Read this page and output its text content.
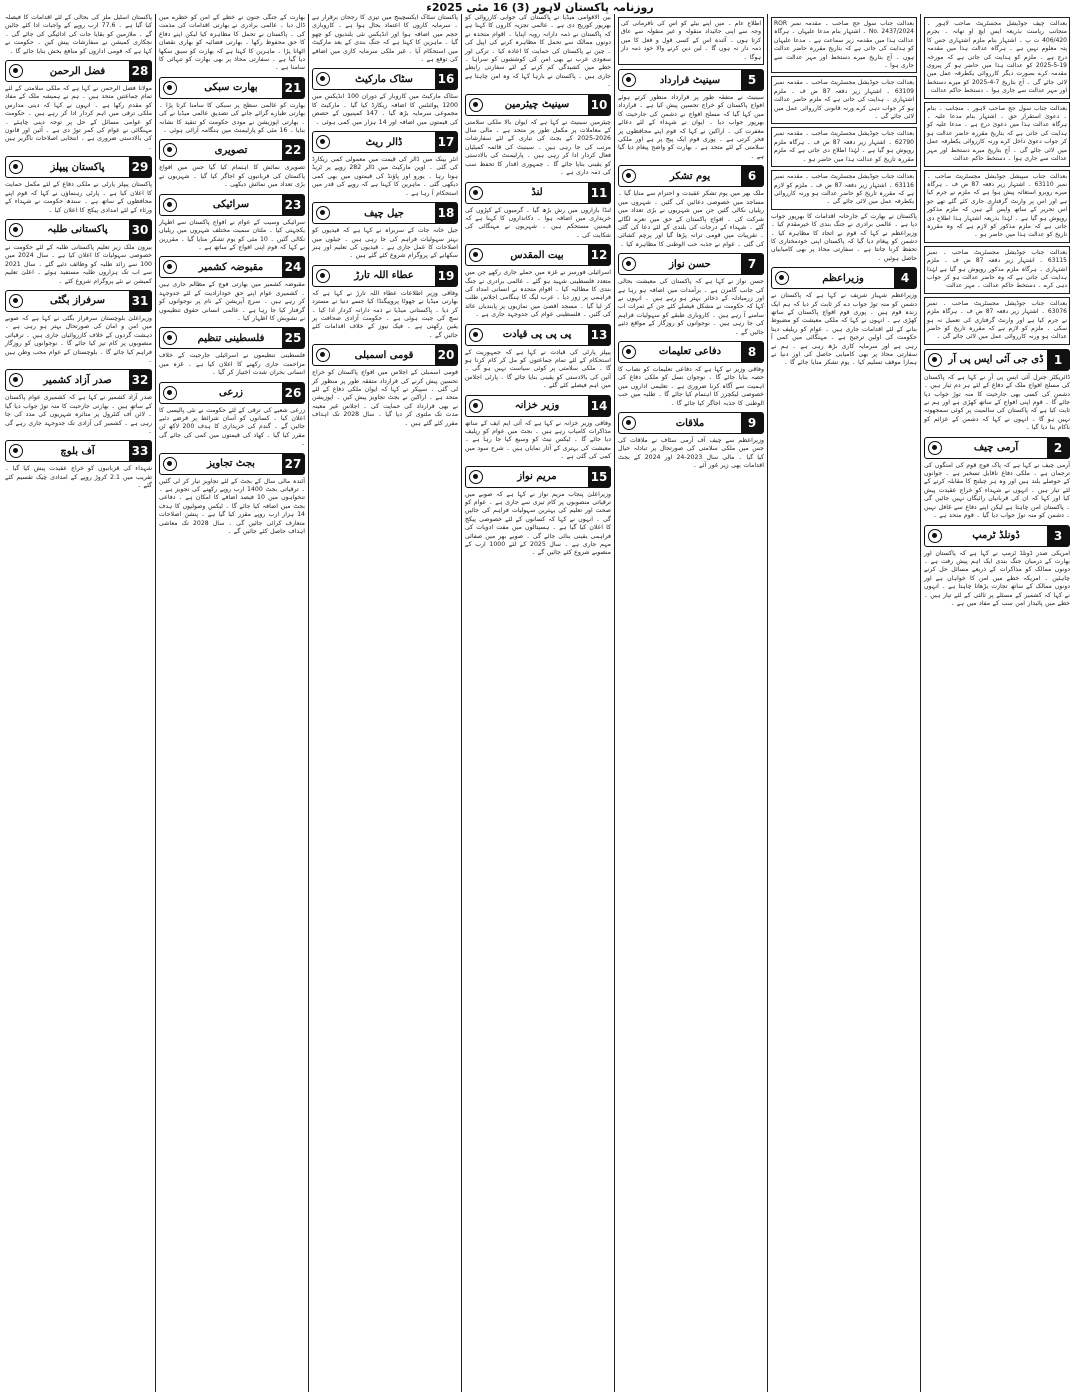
روزنامہ پاکستان لاہور (3) 16 مئی 2025ء

بعدالت چیف جوڈیشل مجسٹریٹ صاحب لاہور ۔ منجانب ریاست بذریعہ ایس ایچ او تھانہ ۔ بجرم 406/420 ت پ ۔ اشتہار بنام ملزم اشتہاری جس کا پتہ معلوم نہیں ہے ۔ ہرگاہ عدالت ہذا میں مقدمہ درج ہے ۔ ملزم کو ہدایت کی جاتی ہے کہ مورخہ 19-5-2025 کو عدالت ہذا میں حاضر ہو کر پیروی مقدمہ کرے بصورت دیگر کارروائی یکطرفہ عمل میں لائی جائے گی ۔ آج بتاریخ 7-4-2025 کو میرے دستخط اور مہر عدالت سے جاری ہوا ۔ دستخط حاکم عدالت

بعدالت جناب سول جج صاحب لاہور ۔ منجانب ۔ بنام ۔ دعویٰ استقرار حق ۔ اشتہار بنام مدعا علیہ ۔ ہرگاہ عدالت ہذا میں دعویٰ درج ہے ۔ مدعا علیہ کو ہدایت کی جاتی ہے کہ بتاریخ مقررہ حاضر عدالت ہو کر جواب دعویٰ داخل کرے ورنہ کارروائی یکطرفہ عمل میں لائی جائے گی ۔ آج بتاریخ میرے دستخط اور مہر عدالت سے جاری ہوا ۔ دستخط حاکم عدالت

بعدالت جناب سپیشل جوڈیشل مجسٹریٹ صاحب ۔ نمبر 63110 ۔ اشتہار زیر دفعہ 87 ض ف ۔ ہرگاہ میرے روبرو استغاثہ پیش ہوا ہے کہ ملزم نے جرم کیا ہے اور اس پر وارنٹ گرفتاری جاری کئے گئے تھے جو اس تحریر کے ساتھ واپس آئے ہیں کہ ملزم مذکور روپوش ہو گیا ہے ۔ لہٰذا بذریعہ اشتہار ہذا اطلاع دی جاتی ہے کہ ملزم مذکور کو لازم ہے کہ وہ مقررہ تاریخ کو عدالت ہذا میں حاضر ہو ۔

بعدالت جناب جوڈیشل مجسٹریٹ صاحب ۔ نمبر 63115 ۔ اشتہار زیر دفعہ 87 ض ف ۔ ملزم اشتہاری ۔ ہرگاہ ملزم مذکور روپوش ہو گیا ہے لہٰذا ہدایت کی جاتی ہے کہ وہ حاضر عدالت ہو کر جواب دہی کرے ۔ دستخط حاکم عدالت ۔ مہر عدالت

بعدالت جناب جوڈیشل مجسٹریٹ صاحب ۔ نمبر 63076 ۔ اشتہار زیر دفعہ 87 ض ف ۔ ہرگاہ ملزم نے جرم کیا ہے اور وارنٹ گرفتاری کی تعمیل نہ ہو سکی ۔ ملزم کو لازم ہے کہ مقررہ تاریخ کو حاضر عدالت ہو ورنہ کارروائی عمل میں لائی جائے گی ۔

1
ڈی جی آئی ایس پی آر

ڈائریکٹر جنرل آئی ایس پی آر نے کہا ہے کہ پاکستان کی مسلح افواج ملک کے دفاع کے لئے ہر دم تیار ہیں ۔ دشمن کی کسی بھی جارحیت کا منہ توڑ جواب دیا جائے گا ۔ قوم اپنی افواج کے ساتھ کھڑی ہے اور ہم نے ثابت کیا ہے کہ پاکستان کی سالمیت پر کوئی سمجھوتہ نہیں ہو گا ۔ انہوں نے کہا کہ دشمن کے عزائم کو ناکام بنا دیا گیا ۔

2
آرمی چیف

آرمی چیف نے کہا ہے کہ پاک فوج قوم کی امنگوں کی ترجمان ہے ۔ ملکی دفاع ناقابل تسخیر ہے ۔ جوانوں کے حوصلے بلند ہیں اور وہ ہر چیلنج کا مقابلہ کرنے کے لئے تیار ہیں ۔ انہوں نے شہداء کو خراج عقیدت پیش کیا اور کہا کہ ان کی قربانیاں رائیگاں نہیں جائیں گی ۔ پاکستان امن چاہتا ہے لیکن اپنے دفاع سے غافل نہیں ۔ دشمن کو منہ توڑ جواب دیا گیا ۔ قوم متحد ہے ۔

3
ڈونلڈ ٹرمپ

امریکی صدر ڈونلڈ ٹرمپ نے کہا ہے کہ پاکستان اور بھارت کے درمیان جنگ بندی ایک اہم پیش رفت ہے ۔ دونوں ممالک کو مذاکرات کے ذریعے مسائل حل کرنے چاہئیں ۔ امریکہ خطے میں امن کا خواہاں ہے اور دونوں ممالک کے ساتھ تجارت بڑھانا چاہتا ہے ۔ انہوں نے کہا کہ کشمیر کے مسئلے پر ثالثی کے لئے تیار ہیں ۔ خطے میں پائیدار امن سب کے مفاد میں ہے ۔

بعدالت جناب سول جج صاحب ۔ مقدمہ نمبر ROR No. 2437/2024 ۔ اشتہار بنام مدعا علیہان ۔ ہرگاہ عدالت ہذا میں مقدمہ زیر سماعت ہے ۔ مدعا علیہان کو ہدایت کی جاتی ہے کہ بتاریخ مقررہ حاضر عدالت ہوں ۔ آج بتاریخ میرے دستخط اور مہر عدالت سے جاری ہوا ۔

بعدالت جناب جوڈیشل مجسٹریٹ صاحب ۔ مقدمہ نمبر 63109 ۔ اشتہار زیر دفعہ 87 ض ف ۔ ملزم اشتہاری ۔ ہدایت کی جاتی ہے کہ ملزم حاضر عدالت ہو کر جواب دہی کرے ورنہ قانونی کارروائی عمل میں لائی جائے گی ۔

بعدالت جناب جوڈیشل مجسٹریٹ صاحب ۔ مقدمہ نمبر 62790 ۔ اشتہار زیر دفعہ 87 ض ف ۔ ہرگاہ ملزم روپوش ہو گیا ہے ۔ لہٰذا اطلاع دی جاتی ہے کہ ملزم مقررہ تاریخ کو عدالت ہذا میں حاضر ہو ۔

بعدالت جناب جوڈیشل مجسٹریٹ صاحب ۔ مقدمہ نمبر 63116 ۔ اشتہار زیر دفعہ 87 ض ف ۔ ملزم کو لازم ہے کہ مقررہ تاریخ کو حاضر عدالت ہو ورنہ کارروائی یکطرفہ عمل میں لائی جائے گی ۔

پاکستان نے بھارت کے جارحانہ اقدامات کا بھرپور جواب دیا ہے ۔ عالمی برادری نے جنگ بندی کا خیرمقدم کیا ۔ وزیراعظم نے کہا کہ قوم نے اتحاد کا مظاہرہ کیا ۔ دشمن کو پیغام دیا گیا کہ پاکستان اپنی خودمختاری کا تحفظ کرنا جانتا ہے ۔ سفارتی محاذ پر بھی کامیابیاں حاصل ہوئیں ۔

4
وزیراعظم

وزیراعظم شہباز شریف نے کہا ہے کہ پاکستان نے دشمن کو منہ توڑ جواب دے کر ثابت کر دیا کہ ہم ایک زندہ قوم ہیں ۔ پوری قوم افواج پاکستان کے ساتھ کھڑی ہے ۔ انہوں نے کہا کہ ملکی معیشت کو مضبوط بنانے کے لئے اقدامات جاری ہیں ۔ عوام کو ریلیف دینا حکومت کی اولین ترجیح ہے ۔ مہنگائی میں کمی آ رہی ہے اور سرمایہ کاری بڑھ رہی ہے ۔ ہم نے سفارتی محاذ پر بھی کامیابی حاصل کی اور دنیا نے ہمارا موقف تسلیم کیا ۔ یوم تشکر منایا جائے گا ۔

اطلاع عام ۔ میں اپنے بیٹے کو اس کی نافرمانی کی وجہ سے اپنی جائیداد منقولہ و غیر منقولہ سے عاق کرتا ہوں ۔ آئندہ اس کے کسی قول و فعل کا میں ذمہ دار نہ ہوں گا ۔ لین دین کرنے والا خود ذمہ دار ہوگا ۔

5
سینیٹ قرارداد

سینیٹ نے متفقہ طور پر قرارداد منظور کرتے ہوئے افواج پاکستان کو خراج تحسین پیش کیا ہے ۔ قرارداد میں کہا گیا کہ مسلح افواج نے دشمن کی جارحیت کا بھرپور جواب دیا ۔ ایوان نے شہداء کے لئے دعائے مغفرت کی ۔ اراکین نے کہا کہ قوم اپنے محافظوں پر فخر کرتی ہے ۔ پوری قوم ایک پیج پر ہے اور ملکی سلامتی کے لئے متحد ہے ۔ بھارت کو واضح پیغام دیا گیا ہے ۔

6
یوم تشکر

ملک بھر میں یوم تشکر عقیدت و احترام سے منایا گیا ۔ مساجد میں خصوصی دعائیں کی گئیں ۔ شہروں میں ریلیاں نکالی گئیں جن میں شہریوں نے بڑی تعداد میں شرکت کی ۔ افواج پاکستان کے حق میں نعرے لگائے گئے ۔ شہداء کے درجات کی بلندی کے لئے دعا کی گئی ۔ تقریبات میں قومی ترانہ پڑھا گیا اور پرچم کشائی کی گئی ۔ عوام نے جذبہ حب الوطنی کا مظاہرہ کیا ۔

7
حسن نواز

حسن نواز نے کہا ہے کہ پاکستان کی معیشت بحالی کی جانب گامزن ہے ۔ برآمدات میں اضافہ ہو رہا ہے اور زرمبادلہ کے ذخائر بہتر ہو رہے ہیں ۔ انہوں نے کہا کہ حکومت نے مشکل فیصلے کئے جن کے ثمرات اب سامنے آ رہے ہیں ۔ کاروباری طبقے کو سہولیات فراہم کی جا رہی ہیں ۔ نوجوانوں کو روزگار کے مواقع دئیے جائیں گے ۔

8
دفاعی تعلیمات

وفاقی وزیر نے کہا ہے کہ دفاعی تعلیمات کو نصاب کا حصہ بنایا جائے گا ۔ نوجوان نسل کو ملکی دفاع کی اہمیت سے آگاہ کرنا ضروری ہے ۔ تعلیمی اداروں میں خصوصی لیکچرز کا اہتمام کیا جائے گا ۔ طلبہ میں حب الوطنی کا جذبہ اجاگر کیا جائے گا ۔

9
ملاقات

وزیراعظم سے چیف آف آرمی سٹاف نے ملاقات کی جس میں ملکی سلامتی کی صورتحال پر تبادلہ خیال کیا گیا ۔ مالی سال 2023-24 اور 2024 کے بجٹ اقدامات بھی زیر غور آئے ۔

بین الاقوامی میڈیا نے پاکستان کی جوابی کارروائی کو بھرپور کوریج دی ہے ۔ عالمی تجزیہ کاروں کا کہنا ہے کہ پاکستان نے ذمہ دارانہ رویہ اپنایا ۔ اقوام متحدہ نے دونوں ممالک سے تحمل کا مظاہرہ کرنے کی اپیل کی ۔ چین نے پاکستان کی حمایت کا اعادہ کیا ۔ ترکی اور سعودی عرب نے بھی امن کی کوششوں کو سراہا ۔ خطے میں کشیدگی کم کرنے کے لئے سفارتی رابطے جاری ہیں ۔ پاکستان نے بارہا کہا کہ وہ امن چاہتا ہے ۔

10
سینیٹ چیئرمین

چیئرمین سینیٹ نے کہا ہے کہ ایوان بالا ملکی سلامتی کے معاملات پر مکمل طور پر متحد ہے ۔ مالی سال 2026-2025 کے بجٹ کی تیاری کے لئے سفارشات مرتب کی جا رہی ہیں ۔ سینیٹ کی قائمہ کمیٹیاں فعال کردار ادا کر رہی ہیں ۔ پارلیمنٹ کی بالادستی کو یقینی بنایا جائے گا ۔ جمہوری اقدار کا تحفظ سب کی ذمہ داری ہے ۔

11
لنڈ

لنڈا بازاروں میں رش بڑھ گیا ۔ گرمیوں کے کپڑوں کی خریداری میں اضافہ ہوا ۔ دکانداروں کا کہنا ہے کہ قیمتیں مستحکم ہیں ۔ شہریوں نے مہنگائی کی شکایت کی ۔

12
بیت المقدس

اسرائیلی فورسز نے غزہ میں حملے جاری رکھے جن میں متعدد فلسطینی شہید ہو گئے ۔ عالمی برادری نے جنگ بندی کا مطالبہ کیا ۔ اقوام متحدہ نے انسانی امداد کی فراہمی پر زور دیا ۔ عرب لیگ کا ہنگامی اجلاس طلب کر لیا گیا ۔ مسجد اقصیٰ میں نمازیوں پر پابندیاں عائد کی گئیں ۔ فلسطینی عوام کی جدوجہد جاری ہے ۔

13
پی پی پی قیادت

پیپلز پارٹی کی قیادت نے کہا ہے کہ جمہوریت کے استحکام کے لئے تمام جماعتوں کو مل کر کام کرنا ہو گا ۔ ملکی سلامتی پر کوئی سیاست نہیں ہو گی ۔ آئین کی بالادستی کو یقینی بنایا جائے گا ۔ پارٹی اجلاس میں اہم فیصلے کئے گئے ۔

14
وزیر خزانہ

وفاقی وزیر خزانہ نے کہا ہے کہ آئی ایم ایف کے ساتھ مذاکرات کامیاب رہے ہیں ۔ بجٹ میں عوام کو ریلیف دیا جائے گا ۔ ٹیکس نیٹ کو وسیع کیا جا رہا ہے ۔ معیشت کی بہتری کے آثار نمایاں ہیں ۔ شرح سود میں کمی کی گئی ہے ۔

15
مریم نواز

وزیراعلیٰ پنجاب مریم نواز نے کہا ہے کہ صوبے میں ترقیاتی منصوبوں پر کام تیزی سے جاری ہے ۔ عوام کو صحت اور تعلیم کی بہترین سہولیات فراہم کی جائیں گی ۔ انہوں نے کہا کہ کسانوں کے لئے خصوصی پیکج کا اعلان کیا گیا ہے ۔ ہسپتالوں میں مفت ادویات کی فراہمی یقینی بنائی جائے گی ۔ صوبے بھر میں صفائی مہم جاری ہے ۔ سال 2025 کے لئے 1000 ارب کے منصوبے شروع کئے جائیں گے ۔

پاکستان سٹاک ایکسچینج میں تیزی کا رجحان برقرار ہے ۔ سرمایہ کاروں کا اعتماد بحال ہوا ہے ۔ کاروباری حجم میں اضافہ ہوا اور انڈیکس نئی بلندیوں کو چھو گیا ۔ ماہرین کا کہنا ہے کہ جنگ بندی کے بعد مارکیٹ میں استحکام آیا ۔ غیر ملکی سرمایہ کاری میں اضافے کی توقع ہے ۔

16
سٹاک مارکیٹ

سٹاک مارکیٹ میں کاروبار کے دوران 100 انڈیکس میں 1200 پوائنٹس کا اضافہ ریکارڈ کیا گیا ۔ مارکیٹ کا مجموعی سرمایہ بڑھ گیا ۔ 147 کمپنیوں کے حصص کی قیمتوں میں اضافہ اور 14 ہزار میں کمی ہوئی ۔

17
ڈالر ریٹ

انٹر بینک میں ڈالر کی قیمت میں معمولی کمی ریکارڈ کی گئی ۔ اوپن مارکیٹ میں ڈالر 282 روپے پر ٹریڈ ہوتا رہا ۔ یورو اور پاؤنڈ کی قیمتوں میں بھی کمی دیکھی گئی ۔ ماہرین کا کہنا ہے کہ روپے کی قدر میں استحکام آ رہا ہے ۔

18
جیل چیف

جیل خانہ جات کے سربراہ نے کہا ہے کہ قیدیوں کو بہتر سہولیات فراہم کی جا رہی ہیں ۔ جیلوں میں اصلاحات کا عمل جاری ہے ۔ قیدیوں کی تعلیم اور ہنر سکھانے کے پروگرام شروع کئے گئے ہیں ۔

19
عطاء اللہ تارڑ

وفاقی وزیر اطلاعات عطاء اللہ تارڑ نے کہا ہے کہ بھارتی میڈیا نے جھوٹا پروپیگنڈا کیا جسے دنیا نے مسترد کر دیا ۔ پاکستانی میڈیا نے ذمہ دارانہ کردار ادا کیا ۔ سچ کی جیت ہوئی ہے ۔ حکومت آزادی صحافت پر یقین رکھتی ہے ۔ فیک نیوز کے خلاف اقدامات کئے جائیں گے ۔

20
قومی اسمبلی

قومی اسمبلی کے اجلاس میں افواج پاکستان کو خراج تحسین پیش کرنے کی قرارداد متفقہ طور پر منظور کر لی گئی ۔ سپیکر نے کہا کہ ایوان ملکی دفاع کے لئے متحد ہے ۔ اراکین نے بجٹ تجاویز پیش کیں ۔ اپوزیشن نے بھی قرارداد کی حمایت کی ۔ اجلاس غیر معینہ مدت تک ملتوی کر دیا گیا ۔ سال 2028 تک اہداف مقرر کئے گئے ہیں ۔

بھارت کے جنگی جنون نے خطے کے امن کو خطرے میں ڈال دیا ۔ عالمی برادری نے بھارتی اقدامات کی مذمت کی ۔ پاکستان نے تحمل کا مظاہرہ کیا لیکن اپنے دفاع کا حق محفوظ رکھا ۔ بھارتی فضائیہ کو بھاری نقصان اٹھانا پڑا ۔ ماہرین کا کہنا ہے کہ بھارت کو سبق سکھا دیا گیا ہے ۔ سفارتی محاذ پر بھی بھارت کو تنہائی کا سامنا ہے ۔

21
بھارت سبکی

بھارت کو عالمی سطح پر سبکی کا سامنا کرنا پڑا ۔ بھارتی طیارے گرائے جانے کی تصدیق عالمی میڈیا نے کی ۔ بھارتی اپوزیشن نے مودی حکومت کو تنقید کا نشانہ بنایا ۔ 16 مئی کو پارلیمنٹ میں ہنگامہ آرائی ہوئی ۔

22
تصویری

تصویری نمائش کا اہتمام کیا گیا جس میں افواج پاکستان کی قربانیوں کو اجاگر کیا گیا ۔ شہریوں نے بڑی تعداد میں نمائش دیکھی ۔

23
سرائیکی

سرائیکی وسیب کے عوام نے افواج پاکستان سے اظہار یکجہتی کیا ۔ ملتان سمیت مختلف شہروں میں ریلیاں نکالی گئیں ۔ 10 مئی کو یوم تشکر منایا گیا ۔ مقررین نے کہا کہ قوم اپنی افواج کے ساتھ ہے ۔

24
مقبوضہ کشمیر

مقبوضہ کشمیر میں بھارتی فوج کے مظالم جاری ہیں ۔ کشمیری عوام اپنے حق خودارادیت کے لئے جدوجہد کر رہے ہیں ۔ سرچ آپریشن کے نام پر نوجوانوں کو گرفتار کیا جا رہا ہے ۔ عالمی انسانی حقوق تنظیموں نے تشویش کا اظہار کیا ۔

25
فلسطینی تنظیم

فلسطینی تنظیموں نے اسرائیلی جارحیت کے خلاف مزاحمت جاری رکھنے کا اعلان کیا ہے ۔ غزہ میں انسانی بحران شدت اختیار کر گیا ۔

26
زرعی

زرعی شعبے کی ترقی کے لئے حکومت نے نئی پالیسی کا اعلان کیا ۔ کسانوں کو آسان شرائط پر قرضے دئیے جائیں گے ۔ گندم کی خریداری کا ہدف 200 لاکھ ٹن مقرر کیا گیا ۔ کھاد کی قیمتوں میں کمی کی جائے گی ۔

27
بجٹ تجاویز

آئندہ مالی سال کے بجٹ کے لئے تجاویز تیار کر لی گئیں ۔ ترقیاتی بجٹ 1400 ارب روپے رکھنے کی تجویز ہے ۔ تنخواہوں میں 10 فیصد اضافے کا امکان ہے ۔ دفاعی بجٹ میں اضافہ کیا جائے گا ۔ ٹیکس وصولیوں کا ہدف 14 ہزار ارب روپے مقرر کیا گیا ہے ۔ پنشن اصلاحات متعارف کرائی جائیں گی ۔ سال 2028 تک معاشی اہداف حاصل کئے جائیں گے ۔

پاکستان اسٹیل ملز کی بحالی کے لئے اقدامات کا فیصلہ کیا گیا ہے ۔ 77.6 ارب روپے کے واجبات ادا کئے جائیں گے ۔ ملازمین کو بقایا جات کی ادائیگی کی جائے گی ۔ نجکاری کمیشن نے سفارشات پیش کیں ۔ حکومت نے کہا ہے کہ قومی اداروں کو منافع بخش بنایا جائے گا ۔

28
فضل الرحمن

مولانا فضل الرحمن نے کہا ہے کہ ملکی سلامتی کے لئے تمام جماعتیں متحد ہیں ۔ ہم نے ہمیشہ ملک کے مفاد کو مقدم رکھا ہے ۔ انہوں نے کہا کہ دینی مدارس ملکی ترقی میں اہم کردار ادا کر رہے ہیں ۔ حکومت کو عوامی مسائل کے حل پر توجہ دینی چاہئے ۔ مہنگائی نے عوام کی کمر توڑ دی ہے ۔ آئین اور قانون کی بالادستی ضروری ہے ۔ انتخابی اصلاحات ناگزیر ہیں ۔

29
پاکستان پیپلز

پاکستان پیپلز پارٹی نے ملکی دفاع کے لئے مکمل حمایت کا اعلان کیا ہے ۔ پارٹی رہنماؤں نے کہا کہ قوم اپنے محافظوں کے ساتھ ہے ۔ سندھ حکومت نے شہداء کے ورثاء کے لئے امدادی پیکج کا اعلان کیا ۔

30
پاکستانی طلبہ

بیرون ملک زیر تعلیم پاکستانی طلبہ کے لئے حکومت نے خصوصی سہولیات کا اعلان کیا ہے ۔ سال 2024 میں 100 سے زائد طلبہ کو وظائف دئیے گئے ۔ سال 2021 سے اب تک ہزاروں طلبہ مستفید ہوئے ۔ اعلیٰ تعلیم کمیشن نے نئے پروگرام شروع کئے ۔

31
سرفراز بگٹی

وزیراعلیٰ بلوچستان سرفراز بگٹی نے کہا ہے کہ صوبے میں امن و امان کی صورتحال بہتر ہو رہی ہے ۔ دہشت گردوں کے خلاف کارروائیاں جاری ہیں ۔ ترقیاتی منصوبوں پر کام تیز کیا جائے گا ۔ نوجوانوں کو روزگار فراہم کیا جائے گا ۔ بلوچستان کے عوام محب وطن ہیں ۔

32
صدر آزاد کشمیر

صدر آزاد کشمیر نے کہا ہے کہ کشمیری عوام پاکستان کے ساتھ ہیں ۔ بھارتی جارحیت کا منہ توڑ جواب دیا گیا ۔ لائن آف کنٹرول پر متاثرہ شہریوں کی مدد کی جا رہی ہے ۔ کشمیر کی آزادی تک جدوجہد جاری رہے گی ۔

33
آف بلوچ

شہداء کی قربانیوں کو خراج عقیدت پیش کیا گیا ۔ تقریب میں 2.1 کروڑ روپے کے امدادی چیک تقسیم کئے گئے ۔
